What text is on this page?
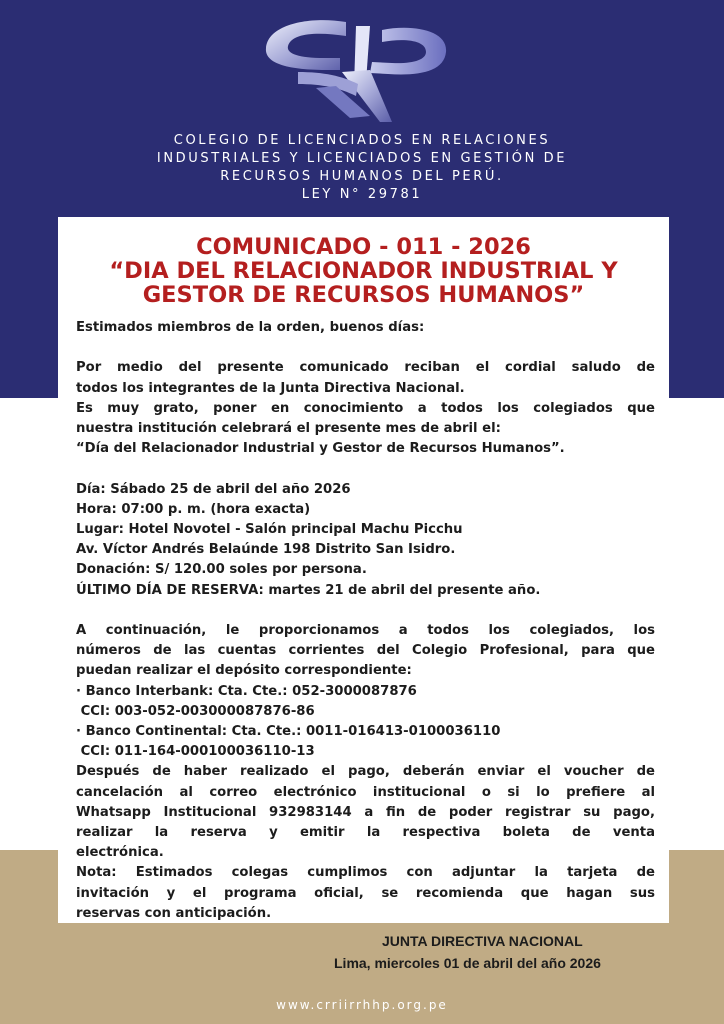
COLEGIO DE LICENCIADOS EN RELACIONES
INDUSTRIALES Y LICENCIADOS EN GESTIÓN DE
RECURSOS HUMANOS DEL PERÚ.
LEY N° 29781
COMUNICADO - 011 - 2026
“DIA DEL RELACIONADOR INDUSTRIAL Y
GESTOR DE RECURSOS HUMANOS”
Estimados miembros de la orden, buenos días:
Por medio del presente comunicado reciban el cordial saludo de
todos los integrantes de la Junta Directiva Nacional.
Es muy grato, poner en conocimiento a todos los colegiados que
nuestra institución celebrará el presente mes de abril el:
“Día del Relacionador Industrial y Gestor de Recursos Humanos”.
Día: Sábado 25 de abril del año 2026
Hora: 07:00 p. m. (hora exacta)
Lugar: Hotel Novotel - Salón principal Machu Picchu
Av. Víctor Andrés Belaúnde 198 Distrito San Isidro.
Donación: S/ 120.00 soles por persona.
ÚLTIMO DÍA DE RESERVA: martes 21 de abril del presente año.
A continuación, le proporcionamos a todos los colegiados, los
números de las cuentas corrientes del Colegio Profesional, para que
puedan realizar el depósito correspondiente:
· Banco Interbank: Cta. Cte.: 052-3000087876
CCI: 003-052-003000087876-86
· Banco Continental: Cta. Cte.: 0011-016413-0100036110
CCI: 011-164-000100036110-13
Después de haber realizado el pago, deberán enviar el voucher de
cancelación al correo electrónico institucional o si lo prefiere al
Whatsapp Institucional 932983144 a fin de poder registrar su pago,
realizar la reserva y emitir la respectiva boleta de venta
electrónica.
Nota: Estimados colegas cumplimos con adjuntar la tarjeta de
invitación y el programa oficial, se recomienda que hagan sus
reservas con anticipación.
JUNTA DIRECTIVA NACIONAL
Lima, miercoles 01 de abril del año 2026
www.crriirrhhp.org.pe
